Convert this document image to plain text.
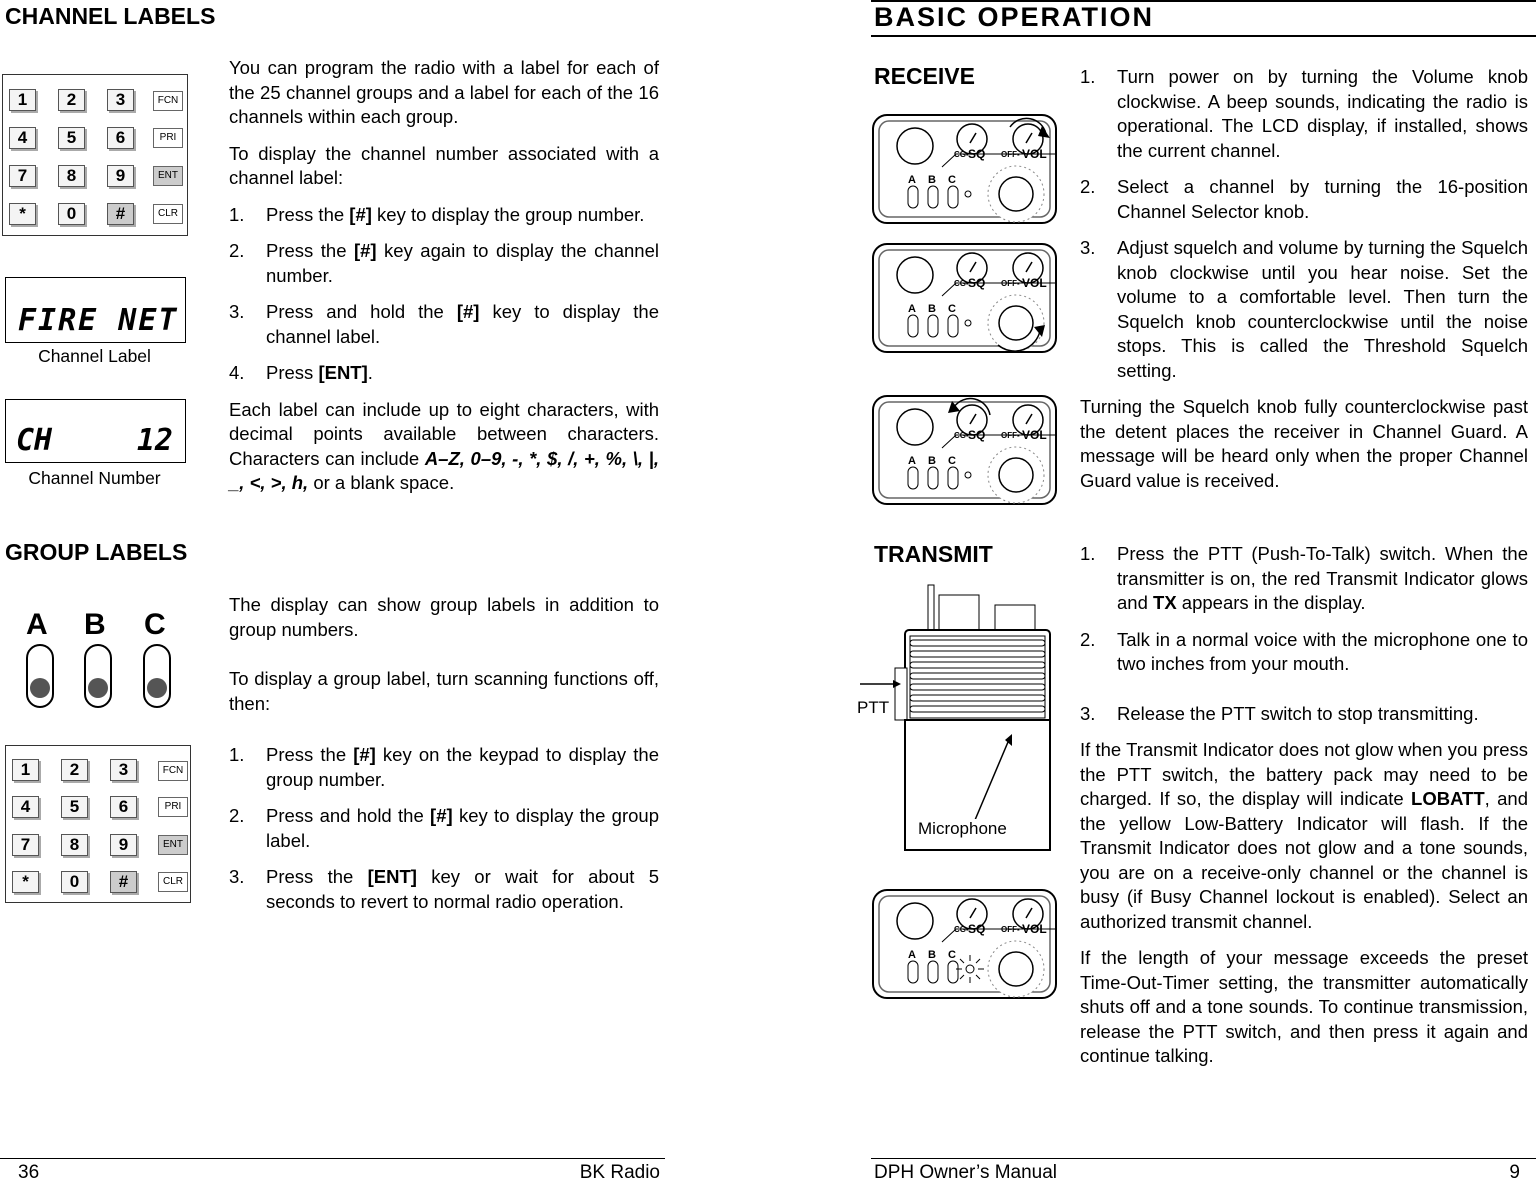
CHANNEL LABELS
1	2	3	FCN
4	5	6	PRI
7	8	9	ENT
*	0	#	CLR
FIRE NET
Channel Label
CH	12
Channel Number

You can program the radio with a label for each of the 25 channel groups and a label for each of the 16 channels within each group.

To display the channel number associated with a channel label:

1. Press the [#] key to display the group number.
2. Press the [#] key again to display the channel number.
3. Press and hold the [#] key to display the channel label.
4. Press [ENT].

Each label can include up to eight characters, with decimal points available between characters. Characters can include A–Z, 0–9, -, *, $, /, +, %, \, |, _, <, >, h, or a blank space.

GROUP LABELS
A B C
1	2	3	FCN
4	5	6	PRI
7	8	9	ENT
*	0	#	CLR

The display can show group labels in addition to group numbers.

To display a group label, turn scanning functions off, then:

1. Press the [#] key on the keypad to display the group number.
2. Press and hold the [#] key to display the group label.
3. Press the [ENT] key or wait for about 5 seconds to revert to normal radio operation.
36	BK Radio
BASIC OPERATION
RECEIVE
A B C
CG- SQ OFF- VOL
A B C
CG- SQ OFF- VOL
A B C
CG- SQ OFF- VOL
1. Turn power on by turning the Volume knob clockwise. A beep sounds, indicating the radio is operational. The LCD display, if installed, shows the current channel.
2. Select a channel by turning the 16-position Channel Selector knob.
3. Adjust squelch and volume by turning the Squelch knob clockwise until you hear noise. Set the volume to a comfortable level. Then turn the Squelch knob counterclockwise until the noise stops. This is called the Threshold Squelch setting.

Turning the Squelch knob fully counterclockwise past the detent places the receiver in Channel Guard. A message will be heard only when the proper Channel Guard value is received.

TRANSMIT
PTT
Microphone
A B C
CG- SQ OFF- VOL
1. Press the PTT (Push-To-Talk) switch. When the transmitter is on, the red Transmit Indicator glows and TX appears in the display.
2. Talk in a normal voice with the microphone one to two inches from your mouth.
3. Release the PTT switch to stop transmitting.

If the Transmit Indicator does not glow when you press the PTT switch, the battery pack may need to be charged. If so, the display will indicate LOBATT, and the yellow Low-Battery Indicator will flash. If the Transmit Indicator does not glow and a tone sounds, you are on a receive-only channel or the channel is busy (if Busy Channel lockout is enabled). Select an authorized transmit channel.

If the length of your message exceeds the preset Time-Out-Timer setting, the transmitter automatically shuts off and a tone sounds. To continue transmission, release the PTT switch, and then press it again and continue talking.

DPH Owner’s Manual	9
